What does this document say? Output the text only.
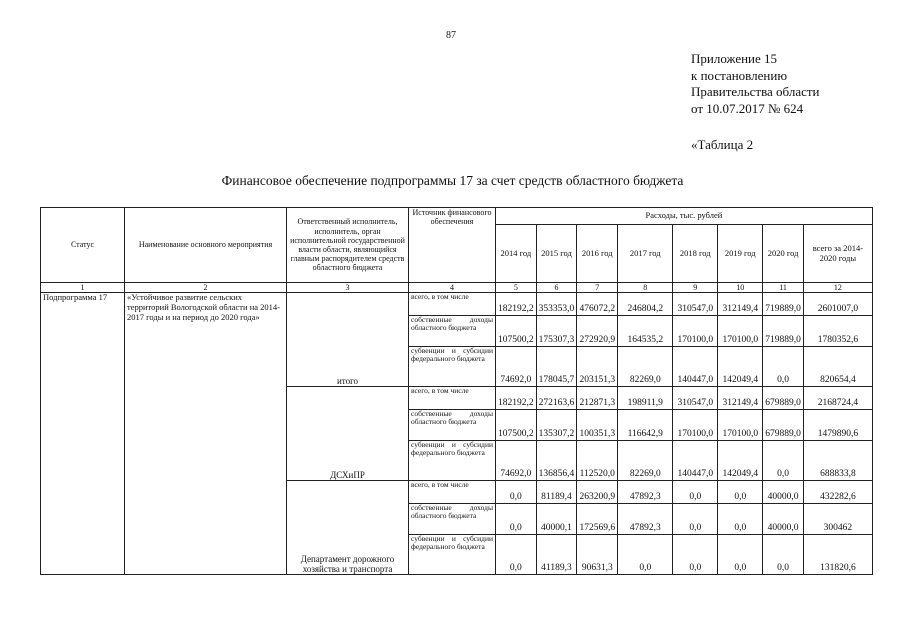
87
Приложение 15
к постановлению
Правительства области
от 10.07.2017 № 624
«Таблица 2
Финансовое обеспечение подпрограммы 17 за счет средств областного бюджета
Статус	Наименование основного мероприятия	Ответственный исполнитель, исполнитель, орган исполнительной государственной власти области, являющийся главным распорядителем средств областного бюджета	Источник финансового обеспечения	Расходы, тыс. рублей							
				2014 год	2015 год	2016 год	2017 год	2018 год	2019 год	2020 год	всего за 2014-2020 годы
1	2	3	4	5	6	7	8	9	10	11	12
Подпрограмма 17	«Устойчивое развитие сельских территорий Вологодской области на 2014-2017 годы и на период до 2020 года»	итого	всего, в том числе	182192,2	353353,0	476072,2	246804,2	310547,0	312149,4	719889,0	2601007,0
			собственные доходы областного бюджета	107500,2	175307,3	272920,9	164535,2	170100,0	170100,0	719889,0	1780352,6
			субвенции и субсидии федерального бюджета	74692,0	178045,7	203151,3	82269,0	140447,0	142049,4	0,0	820654,4
		ДСХиПР	всего, в том числе	182192,2	272163,6	212871,3	198911,9	310547,0	312149,4	679889,0	2168724,4
			собственные доходы областного бюджета	107500,2	135307,2	100351,3	116642,9	170100,0	170100,0	679889,0	1479890,6
			субвенции и субсидии федерального бюджета	74692,0	136856,4	112520,0	82269,0	140447,0	142049,4	0,0	688833,8
		Департамент дорожного хозяйства и транспорта	всего, в том числе	0,0	81189,4	263200,9	47892,3	0,0	0,0	40000,0	432282,6
			собственные доходы областного бюджета	0,0	40000,1	172569,6	47892,3	0,0	0,0	40000,0	300462
			субвенции и субсидии федерального бюджета	0,0	41189,3	90631,3	0,0	0,0	0,0	0,0	131820,6
